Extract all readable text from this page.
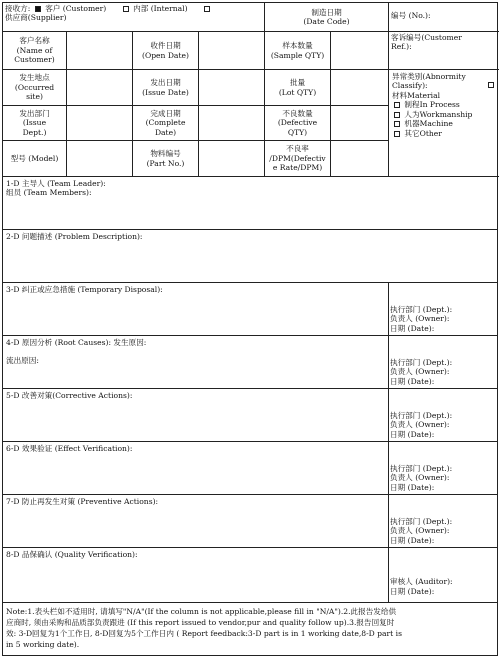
接收方: 客户 (Customer)	内部 (Internal)
供应商(Supplier)
制造日期
(Date Code)
编号 (No.):
客户名称
(Name of
Customer)
收件日期
(Open Date)
样本数量
(Sample QTY)
客诉编号(Customer
Ref.):
发生地点
(Occurred
site)
发出日期
(Issue Date)
批量
(Lot QTY)
发出部门
(Issue
Dept.)
完成日期
(Complete
Date)
不良数量
(Defective
QTY)
型号 (Model)
物料编号
(Part No.)
不良率
/DPM(Defectiv
e Rate/DPM)
异常类别(Abnormity
Classify):
材料Material
制程In Process
人为Workmanship
机器Machine
其它Other
1-D 主导人 (Team Leader):
组员 (Team Members):
2-D 问题描述 (Problem Description):
3-D 纠正或应急措施 (Temporary Disposal):
执行部门 (Dept.):
负责人 (Owner):
日期 (Date):
4-D 原因分析 (Root Causes): 发生原因:
流出原因:	执行部门 (Dept.):
负责人 (Owner):
日期 (Date):
5-D 改善对策(Corrective Actions):
执行部门 (Dept.):
负责人 (Owner):
日期 (Date):
6-D 效果验证 (Effect Verification):
执行部门 (Dept.):
负责人 (Owner):
日期 (Date):
7-D 防止再发生对策 (Preventive Actions):
执行部门 (Dept.):
负责人 (Owner):
日期 (Date):
8-D 品保确认 (Quality Verification):
审核人 (Auditor):
日期 (Date):
Note:1.表头栏如不适用时, 请填写"N/A"(If the column is not applicable,please fill in "N/A").2.此报告发给供
应商时, 须由采购和品质部负责跟进 (If this report issued to vendor,pur and quality follow up).3.报告回复时
效: 3-D回复为1个工作日, 8-D回复为5个工作日内 ( Report feedback:3-D part is in 1 working date,8-D part is
in 5 working date).
